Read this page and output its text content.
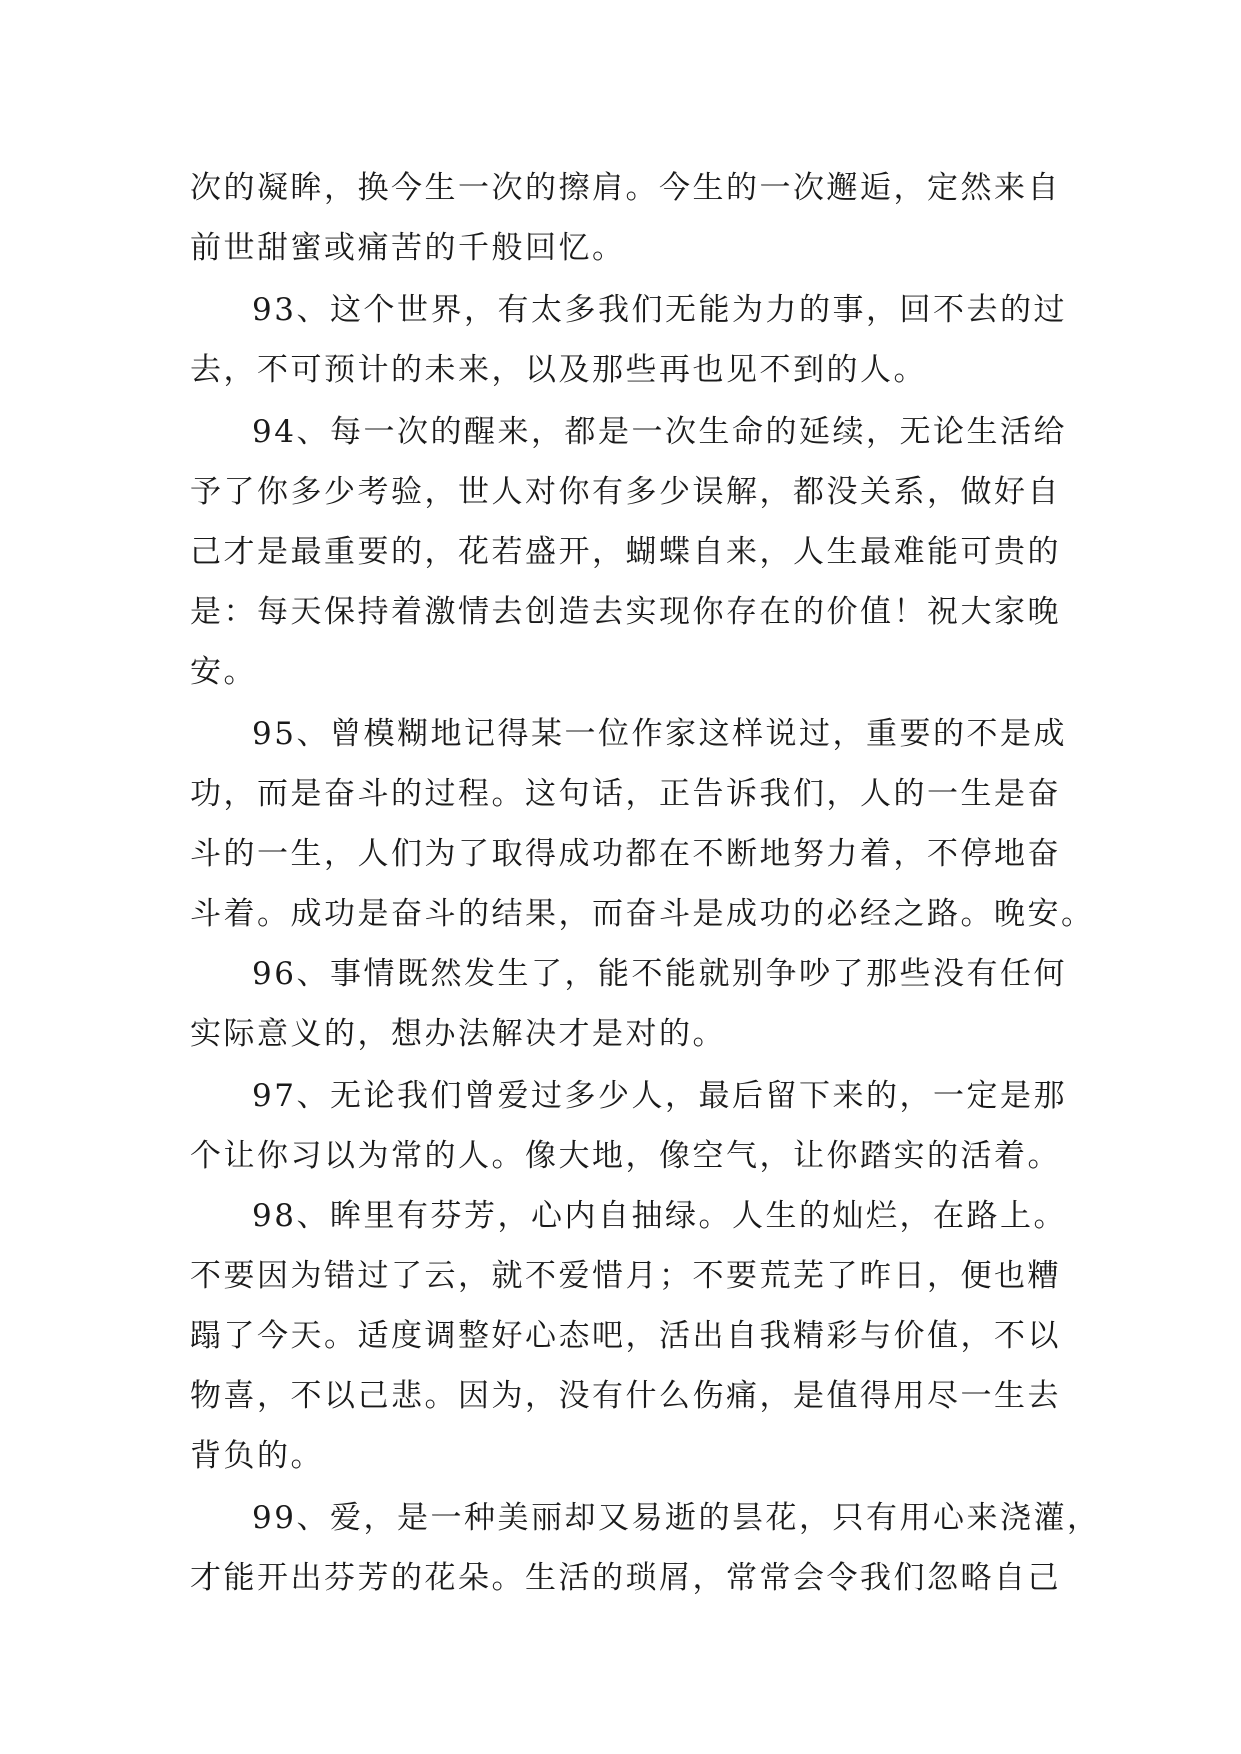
次的凝眸，换今生一次的擦肩。今生的一次邂逅，定然来自
前世甜蜜或痛苦的千般回忆。
93、这个世界，有太多我们无能为力的事，回不去的过
去，不可预计的未来，以及那些再也见不到的人。
94、每一次的醒来，都是一次生命的延续，无论生活给
予了你多少考验，世人对你有多少误解，都没关系，做好自
己才是最重要的，花若盛开，蝴蝶自来，人生最难能可贵的
是：每天保持着激情去创造去实现你存在的价值！祝大家晚
安。
95、曾模糊地记得某一位作家这样说过，重要的不是成
功，而是奋斗的过程。这句话，正告诉我们，人的一生是奋
斗的一生，人们为了取得成功都在不断地努力着，不停地奋
斗着。成功是奋斗的结果，而奋斗是成功的必经之路。晚安。
96、事情既然发生了，能不能就别争吵了那些没有任何
实际意义的，想办法解决才是对的。
97、无论我们曾爱过多少人，最后留下来的，一定是那
个让你习以为常的人。像大地，像空气，让你踏实的活着。
98、眸里有芬芳，心内自抽绿。人生的灿烂，在路上。
不要因为错过了云，就不爱惜月；不要荒芜了昨日，便也糟
蹋了今天。适度调整好心态吧，活出自我精彩与价值，不以
物喜，不以己悲。因为，没有什么伤痛，是值得用尽一生去
背负的。
99、爱，是一种美丽却又易逝的昙花，只有用心来浇灌，
才能开出芬芳的花朵。生活的琐屑，常常会令我们忽略自己
